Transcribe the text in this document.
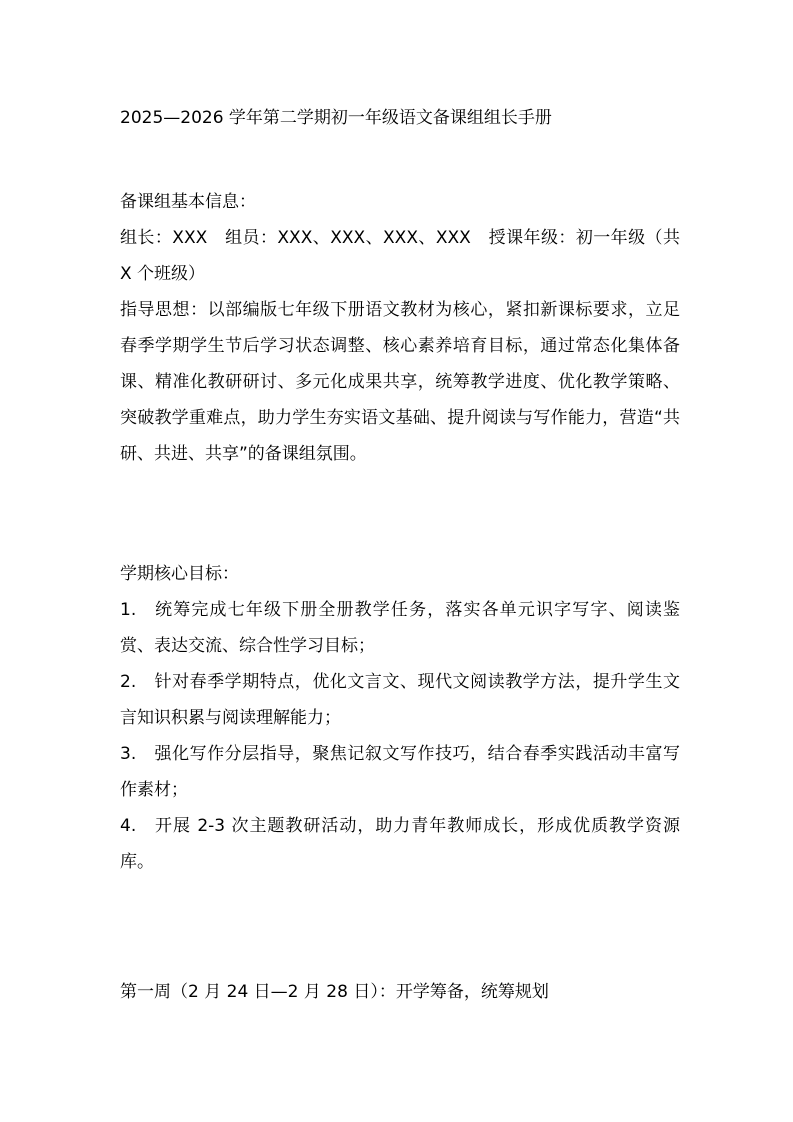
2025—2026 学年第二学期初一年级语文备课组组长手册

备课组基本信息：

组长：XXX　组员：XXX、XXX、XXX、XXX　授课年级：初一年级（共 X 个班级）

指导思想：以部编版七年级下册语文教材为核心，紧扣新课标要求，立足春季学期学生节后学习状态调整、核心素养培育目标，通过常态化集体备课、精准化教研研讨、多元化成果共享，统筹教学进度、优化教学策略、突破教学重难点，助力学生夯实语文基础、提升阅读与写作能力，营造“共研、共进、共享”的备课组氛围。

学期核心目标：

1. 统筹完成七年级下册全册教学任务，落实各单元识字写字、阅读鉴赏、表达交流、综合性学习目标；

2. 针对春季学期特点，优化文言文、现代文阅读教学方法，提升学生文言知识积累与阅读理解能力；

3. 强化写作分层指导，聚焦记叙文写作技巧，结合春季实践活动丰富写作素材；

4. 开展 2-3 次主题教研活动，助力青年教师成长，形成优质教学资源库。

第一周（2 月 24 日—2 月 28 日）：开学筹备，统筹规划
